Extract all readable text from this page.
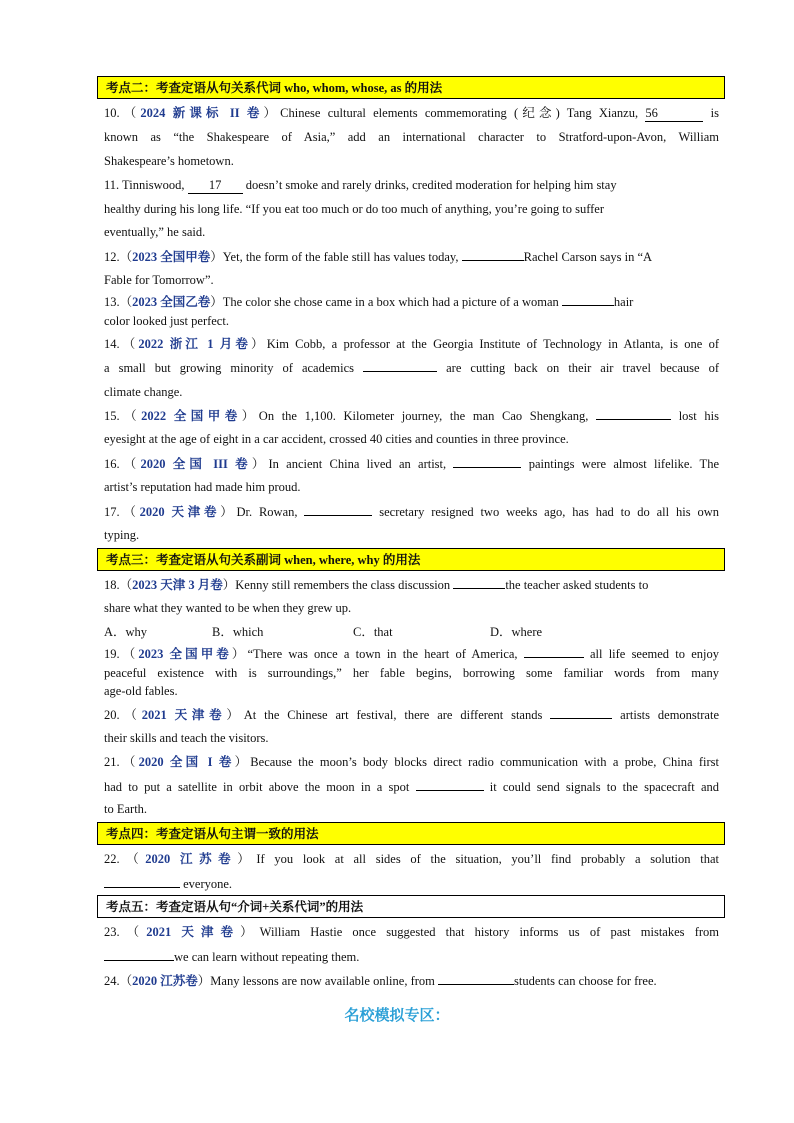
考点二：考查定语从句关系代词 who, whom, whose, as 的用法
10.（2024 新课标 II 卷）Chinese cultural elements commemorating (纪念) Tang Xianzu, 56	is
known as “the Shakespeare of Asia,” add an international character to Stratford-upon-Avon, William
Shakespeare’s hometown.
11. Tinniswood, 17 doesn’t smoke and rarely drinks, credited moderation for helping him stay
healthy during his long life. “If you eat too much or do too much of anything, you’re going to suffer
eventually,” he said.
12.（2023 全国甲卷）Yet, the form of the fable still has values today,	Rachel Carson says in “A
Fable for Tomorrow”.
13.（2023 全国乙卷）The color she chose came in a box which had a picture of a woman	hair
color looked just perfect.
14.（2022 浙江 1 月卷）Kim Cobb, a professor at the Georgia Institute of Technology in Atlanta, is one of
a small but growing minority of academics	are cutting back on their air travel because of
climate change.
15.（2022 全国甲卷）On the 1,100. Kilometer journey, the man Cao Shengkang,	lost his
eyesight at the age of eight in a car accident, crossed 40 cities and counties in three province.
16.（2020 全国 III 卷）In ancient China lived an artist,	paintings were almost lifelike. The
artist’s reputation had made him proud.
17.（2020 天津卷）Dr. Rowan,	secretary resigned two weeks ago, has had to do all his own
typing.
考点三：考查定语从句关系副词 when, where, why 的用法
18.（2023 天津 3 月卷）Kenny still remembers the class discussion	the teacher asked students to
share what they wanted to be when they grew up.
A．why	B．which	C．that	D．where
19.（2023 全国甲卷）“There was once a town in the heart of America,	all life seemed to enjoy
peaceful existence with is surroundings,” her fable begins, borrowing some familiar words from many
age-old fables.
20.（2021 天津卷）At the Chinese art festival, there are different stands	artists demonstrate
their skills and teach the visitors.
21.（2020 全国 I 卷）Because the moon’s body blocks direct radio communication with a probe, China first
had to put a satellite in orbit above the moon in a spot	it could send signals to the spacecraft and
to Earth.
考点四：考查定语从句主谓一致的用法
22.（2020 江苏卷）If you look at all sides of the situation, you’ll find probably a solution that
everyone.
考点五：考查定语从句“介词+关系代词”的用法
23.（2021 天津卷）William Hastie once suggested that history informs us of past mistakes from
we can learn without repeating them.
24.（2020 江苏卷）Many lessons are now available online, from	students can choose for free.
名校模拟专区：
